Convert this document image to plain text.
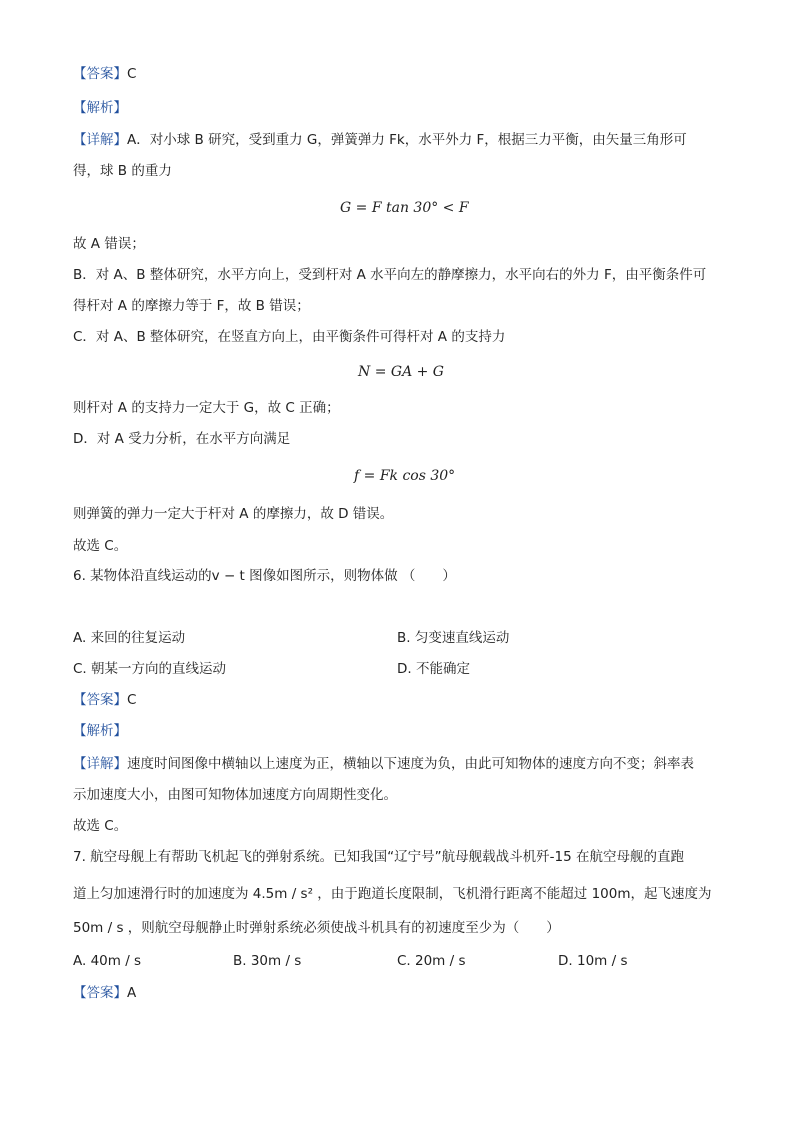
【答案】C
【解析】
【详解】A．对小球 B 研究，受到重力 G，弹簧弹力 Fk，水平外力 F，根据三力平衡，由矢量三角形可
得，球 B 的重力
G = F tan 30° < F
故 A 错误；
B．对 A、B 整体研究，水平方向上，受到杆对 A 水平向左的静摩擦力，水平向右的外力 F，由平衡条件可
得杆对 A 的摩擦力等于 F，故 B 错误；
C．对 A、B 整体研究，在竖直方向上，由平衡条件可得杆对 A 的支持力
N = GA + G
则杆对 A 的支持力一定大于 G，故 C 正确；
D．对 A 受力分析，在水平方向满足
f = Fk cos 30°
则弹簧的弹力一定大于杆对 A 的摩擦力，故 D 错误。
故选 C。
6. 某物体沿直线运动的v − t 图像如图所示，则物体做 （　　）
A. 来回的往复运动	B. 匀变速直线运动
C. 朝某一方向的直线运动	D. 不能确定
【答案】C
【解析】
【详解】速度时间图像中横轴以上速度为正，横轴以下速度为负，由此可知物体的速度方向不变；斜率表
示加速度大小，由图可知物体加速度方向周期性变化。
故选 C。
7. 航空母舰上有帮助飞机起飞的弹射系统。已知我国“辽宁号”航母舰载战斗机歼-15 在航空母舰的直跑
道上匀加速滑行时的加速度为 4.5m / s² ，由于跑道长度限制，飞机滑行距离不能超过 100m，起飞速度为
50m / s ，则航空母舰静止时弹射系统必须使战斗机具有的初速度至少为（　　）
A. 40m / s	B. 30m / s	C. 20m / s	D. 10m / s
【答案】A
